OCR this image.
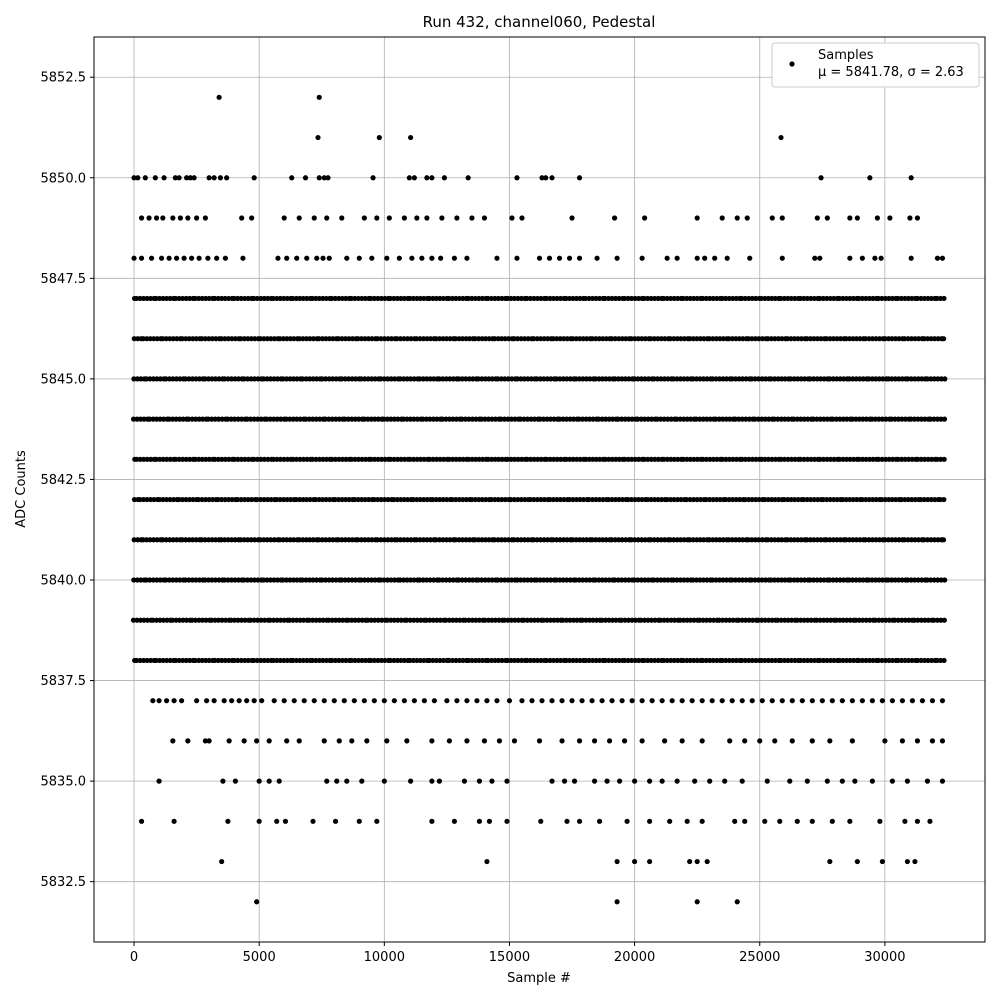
0	5000	10000	15000	20000	25000	30000
5832.5
5835.0
5837.5
5840.0
5842.5
5845.0
5847.5
5850.0
5852.5
Run 432, channel060, Pedestal
Sample #
ADC Counts
Samples
μ = 5841.78, σ = 2.63
